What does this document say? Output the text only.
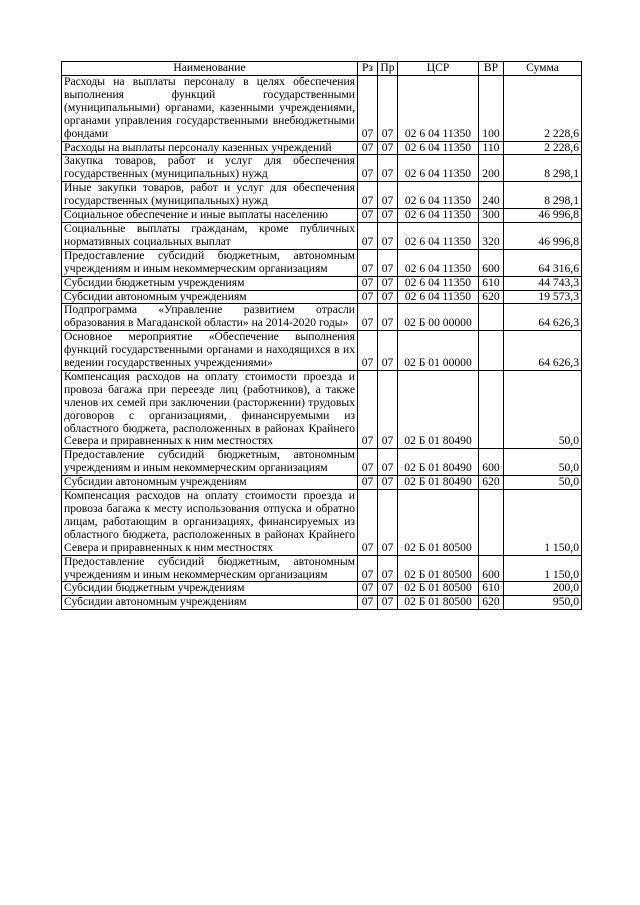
Наименование	Рз	Пр	ЦСР	ВР	Сумма
Расходы на выплаты персоналу в целях обеспечения выполнения функций государственными (муниципальными) органами, казенными учреждениями, органами управления государственными внебюджетными фондами	07	07	02 6 04 11350	100	2 228,6
Расходы на выплаты персоналу казенных учреждений	07	07	02 6 04 11350	110	2 228,6
Закупка товаров, работ и услуг для обеспечения государственных (муниципальных) нужд	07	07	02 6 04 11350	200	8 298,1
Иные закупки товаров, работ и услуг для обеспечения государственных (муниципальных) нужд	07	07	02 6 04 11350	240	8 298,1
Социальное обеспечение и иные выплаты населению	07	07	02 6 04 11350	300	46 996,8
Социальные выплаты гражданам, кроме публичных нормативных социальных выплат	07	07	02 6 04 11350	320	46 996,8
Предоставление субсидий бюджетным, автономным учреждениям и иным некоммерческим организациям	07	07	02 6 04 11350	600	64 316,6
Субсидии бюджетным учреждениям	07	07	02 6 04 11350	610	44 743,3
Субсидии автономным учреждениям	07	07	02 6 04 11350	620	19 573,3
Подпрограмма «Управление развитием отрасли образования в Магаданской области» на 2014-2020 годы»	07	07	02 Б 00 00000		64 626,3
Основное мероприятие «Обеспечение выполнения функций государственными органами и находящихся в их ведении государственных учреждениями»	07	07	02 Б 01 00000		64 626,3
Компенсация расходов на оплату стоимости проезда и провоза багажа при переезде лиц (работников), а также членов их семей при заключении (расторжении) трудовых договоров с организациями, финансируемыми из областного бюджета, расположенных в районах Крайнего Севера и приравненных к ним местностях	07	07	02 Б 01 80490		50,0
Предоставление субсидий бюджетным, автономным учреждениям и иным некоммерческим организациям	07	07	02 Б 01 80490	600	50,0
Субсидии автономным учреждениям	07	07	02 Б 01 80490	620	50,0
Компенсация расходов на оплату стоимости проезда и провоза багажа к месту использования отпуска и обратно лицам, работающим в организациях, финансируемых из областного бюджета, расположенных в районах Крайнего Севера и приравненных к ним местностях	07	07	02 Б 01 80500		1 150,0
Предоставление субсидий бюджетным, автономным учреждениям и иным некоммерческим организациям	07	07	02 Б 01 80500	600	1 150,0
Субсидии бюджетным учреждениям	07	07	02 Б 01 80500	610	200,0
Субсидии автономным учреждениям	07	07	02 Б 01 80500	620	950,0
